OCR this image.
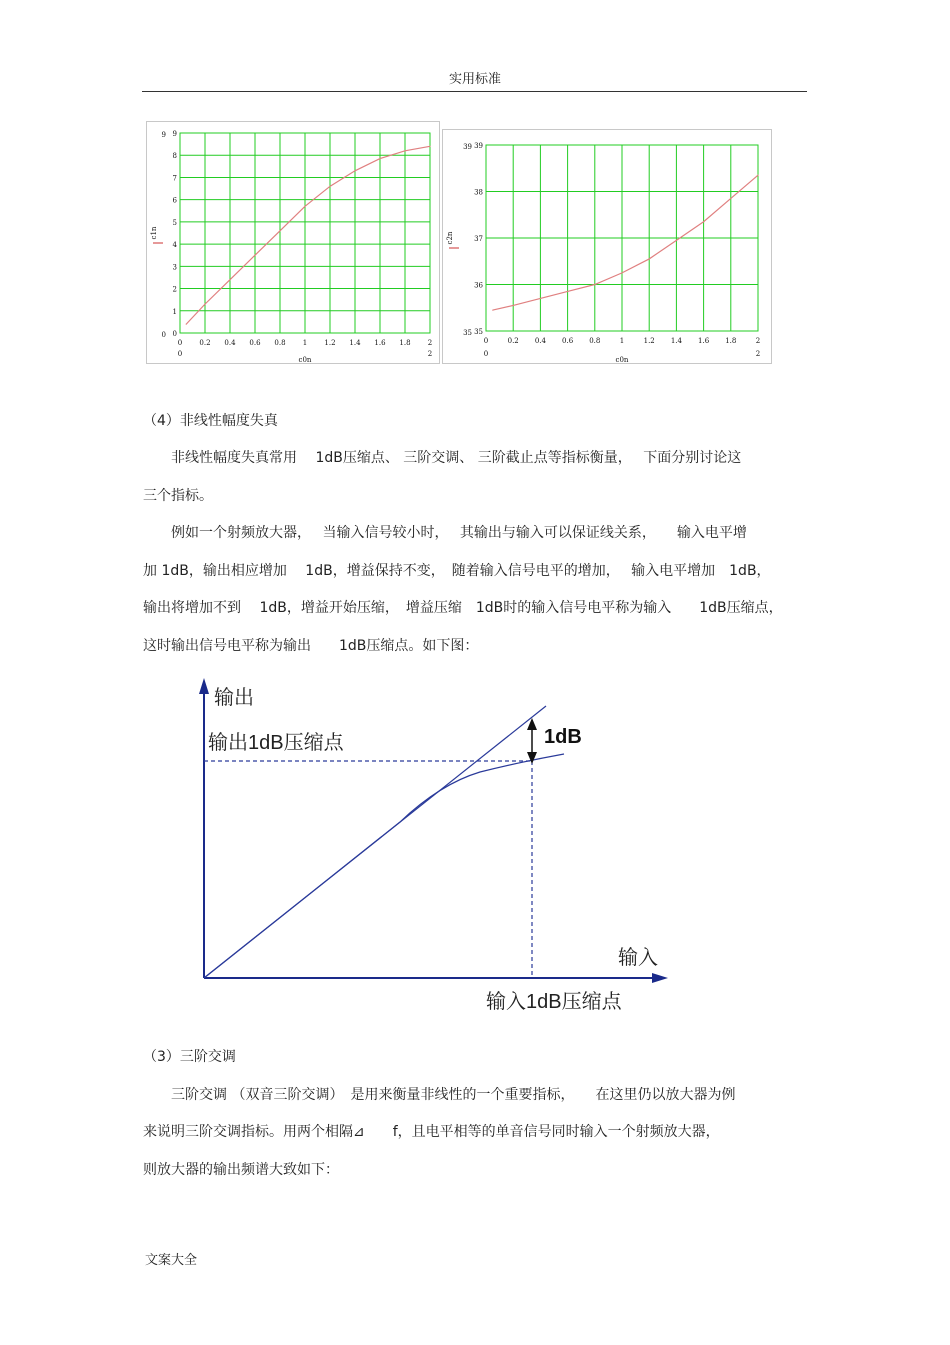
实用标准
0 0.2 0.4 0.6 0.8 1 1.2 1.4 1.6 1.8 2
0
1
2
3
4
5
6
7
8
9
0	2
0
9
c1n
c0n
0	0.2 0.4 0.6 0.8	1	1.2 1.4 1.6 1.8	2
35
36
37
38
39
0	2
35
39
c2n
c0n
（4）非线性幅度失真
　　非线性幅度失真常用　 1dB压缩点、 三阶交调、 三阶截止点等指标衡量，　 下面分别讨论这
三个指标。
　　例如一个射频放大器，　 当输入信号较小时，　 其输出与输入可以保证线关系，　　输入电平增
加 1dB，输出相应增加　 1dB，增益保持不变，　随着输入信号电平的增加，　 输入电平增加　1dB，
输出将增加不到　 1dB，增益开始压缩，　增益压缩　1dB时的输入信号电平称为输入　　1dB压缩点，
这时输出信号电平称为输出　　1dB压缩点。如下图：
输出
输出1dB压缩点	1dB
输入
输入1dB压缩点
（3）三阶交调
　　三阶交调 （双音三阶交调）　是用来衡量非线性的一个重要指标，　　在这里仍以放大器为例
来说明三阶交调指标。用两个相隔⊿　　f，且电平相等的单音信号同时输入一个射频放大器，
则放大器的输出频谱大致如下：
文案大全
